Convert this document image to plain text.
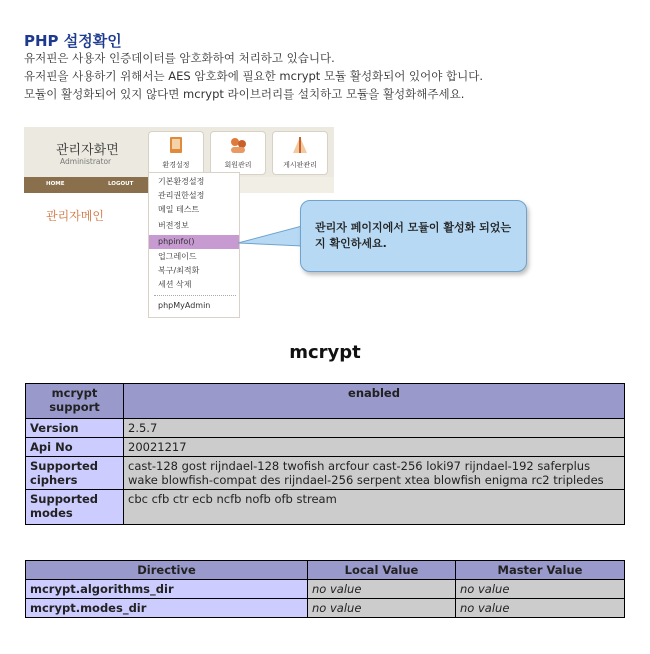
PHP 설정확인
유저핀은 사용자 인증데이터를 암호화하여 처리하고 있습니다.
유저핀을 사용하기 위해서는 AES 암호화에 필요한 mcrypt 모듈 활성화되어 있어야 합니다.
모듈이 활성화되어 있지 않다면 mcrypt 라이브러리를 설치하고 모듈을 활성화해주세요.
관리자화면
Administrator	환경설정	회원관리	게시판관리
HOME	LOGOUT
관리자메인
기본환경설정
관리권한설정
메일 테스트
버전정보
phpinfo()
업그레이드
복구/최적화
세션 삭제
phpMyAdmin
관리자 페이지에서 모듈이 활성화 되었는지 확인하세요.
mcrypt
mcrypt support	enabled
Version	2.5.7
Api No	20021217
Supported ciphers	cast-128 gost rijndael-128 twofish arcfour cast-256 loki97 rijndael-192 saferplus wake blowfish-compat des rijndael-256 serpent xtea blowfish enigma rc2 tripledes
Supported modes	cbc cfb ctr ecb ncfb nofb ofb stream
Directive	Local Value	Master Value
mcrypt.algorithms_dir	no value	no value
mcrypt.modes_dir	no value	no value
